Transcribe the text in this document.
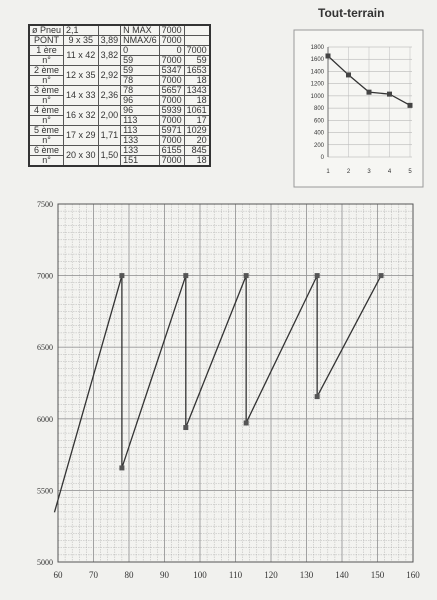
Tout-terrain
ø Pneu	2,1		N MAX	7000	
PONT	9 x 35	3,89	NMAX/6	7000	
1 ère	11 x 42	3,82	0	0	7000
n°			59	7000	59
2 ème	12 x 35	2,92	59	5347	1653
n°			78	7000	18
3 ème	14 x 33	2,36	78	5657	1343
n°			96	7000	18
4 ème	16 x 32	2,00	96	5939	1061
n°			113	7000	17
5 ème	17 x 29	1,71	113	5971	1029
n°			133	7000	20
6 ème	20 x 30	1,50	133	6155	845
n°			151	7000	18	0
200
400
600
800
1000
1200
1400
1600
1800
1	2	3	4	5
60	70	80	90	100 110 120 130 140 150 160
5000
5500
6000
6500
7000
7500
